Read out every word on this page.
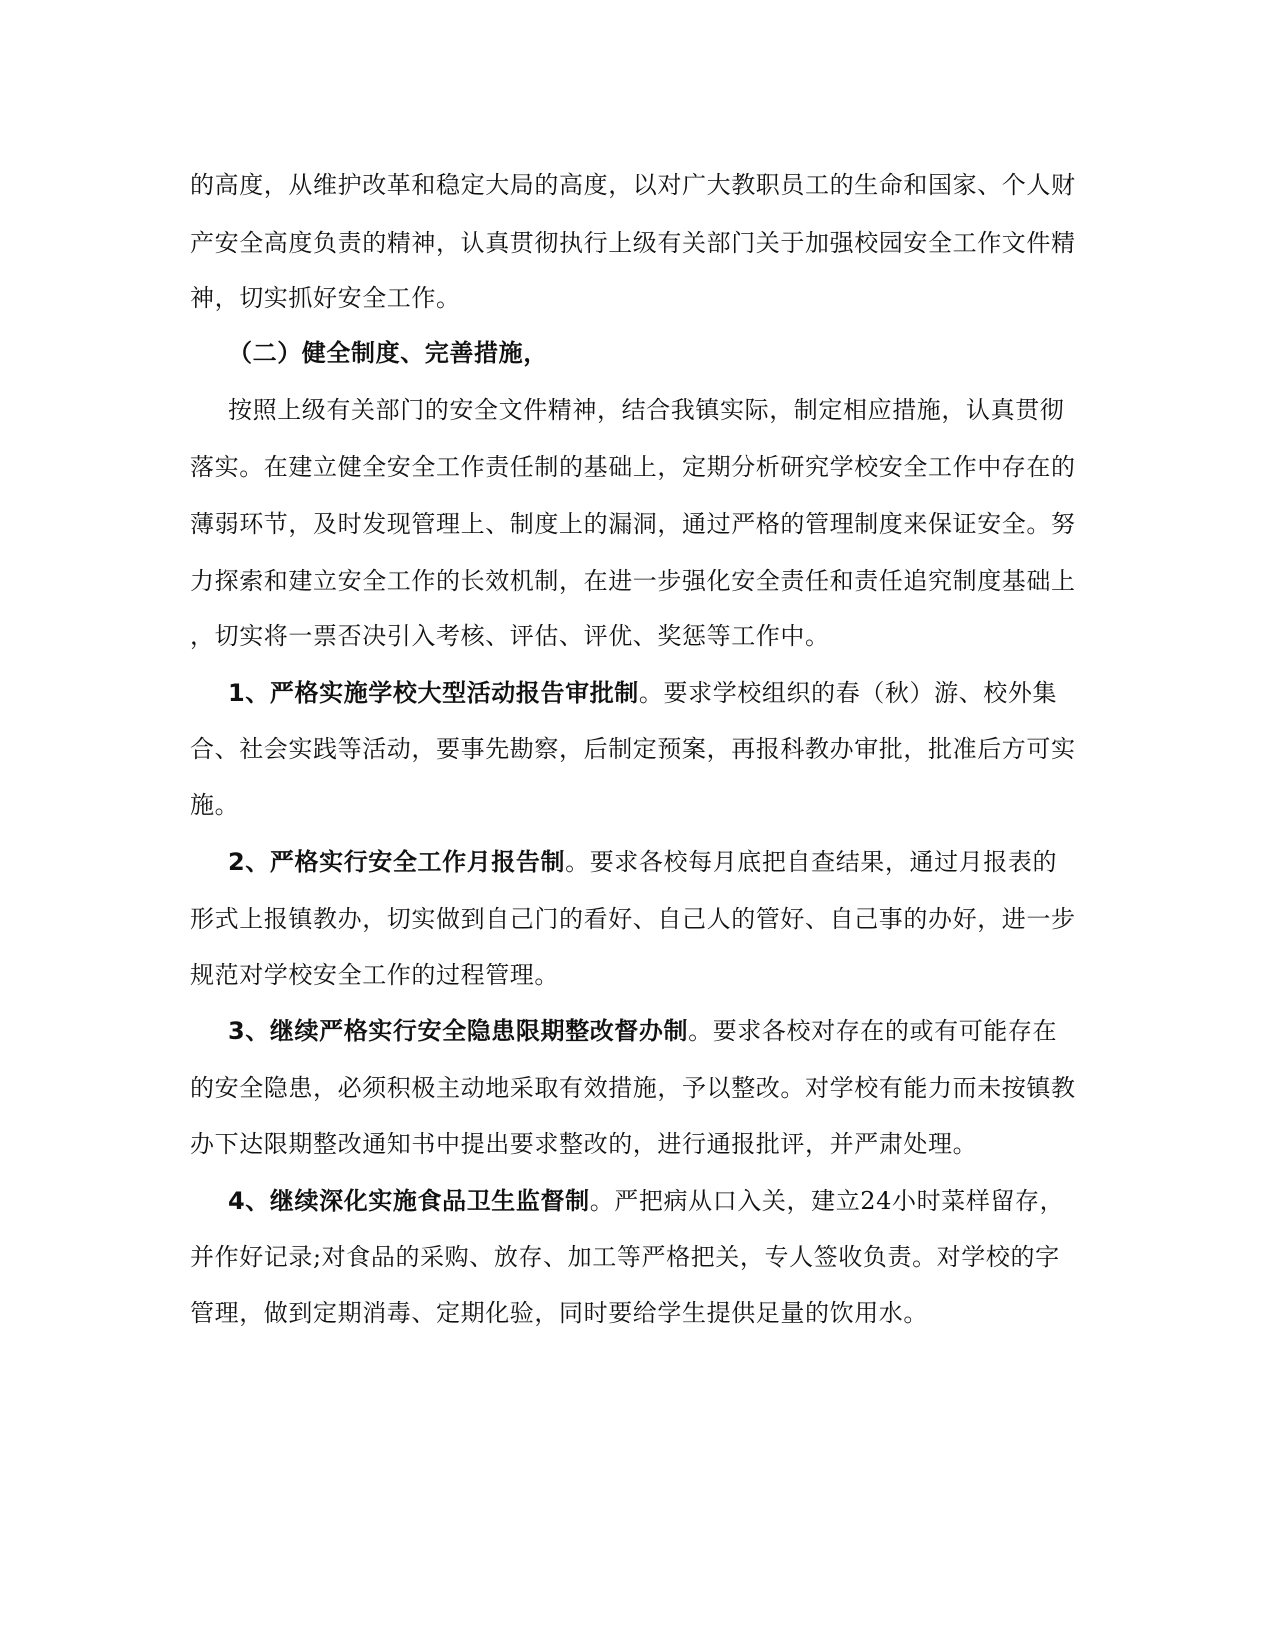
的高度，从维护改革和稳定大局的高度，以对广大教职员工的生命和国家、个人财
产安全高度负责的精神，认真贯彻执行上级有关部门关于加强校园安全工作文件精
神，切实抓好安全工作。
（二）健全制度、完善措施，
按照上级有关部门的安全文件精神，结合我镇实际，制定相应措施，认真贯彻
落实。在建立健全安全工作责任制的基础上，定期分析研究学校安全工作中存在的
薄弱环节，及时发现管理上、制度上的漏洞，通过严格的管理制度来保证安全。努
力探索和建立安全工作的长效机制，在进一步强化安全责任和责任追究制度基础上
，切实将一票否决引入考核、评估、评优、奖惩等工作中。
1、严格实施学校大型活动报告审批制。要求学校组织的春（秋）游、校外集
合、社会实践等活动，要事先勘察，后制定预案，再报科教办审批，批准后方可实
施。
2、严格实行安全工作月报告制。要求各校每月底把自查结果，通过月报表的
形式上报镇教办，切实做到自己门的看好、自己人的管好、自己事的办好，进一步
规范对学校安全工作的过程管理。
3、继续严格实行安全隐患限期整改督办制。要求各校对存在的或有可能存在
的安全隐患，必须积极主动地采取有效措施，予以整改。对学校有能力而未按镇教
办下达限期整改通知书中提出要求整改的，进行通报批评，并严肃处理。
4、继续深化实施食品卫生监督制。严把病从口入关，建立24小时菜样留存，
并作好记录;对食品的采购、放存、加工等严格把关，专人签收负责。对学校的字
管理，做到定期消毒、定期化验，同时要给学生提供足量的饮用水。
